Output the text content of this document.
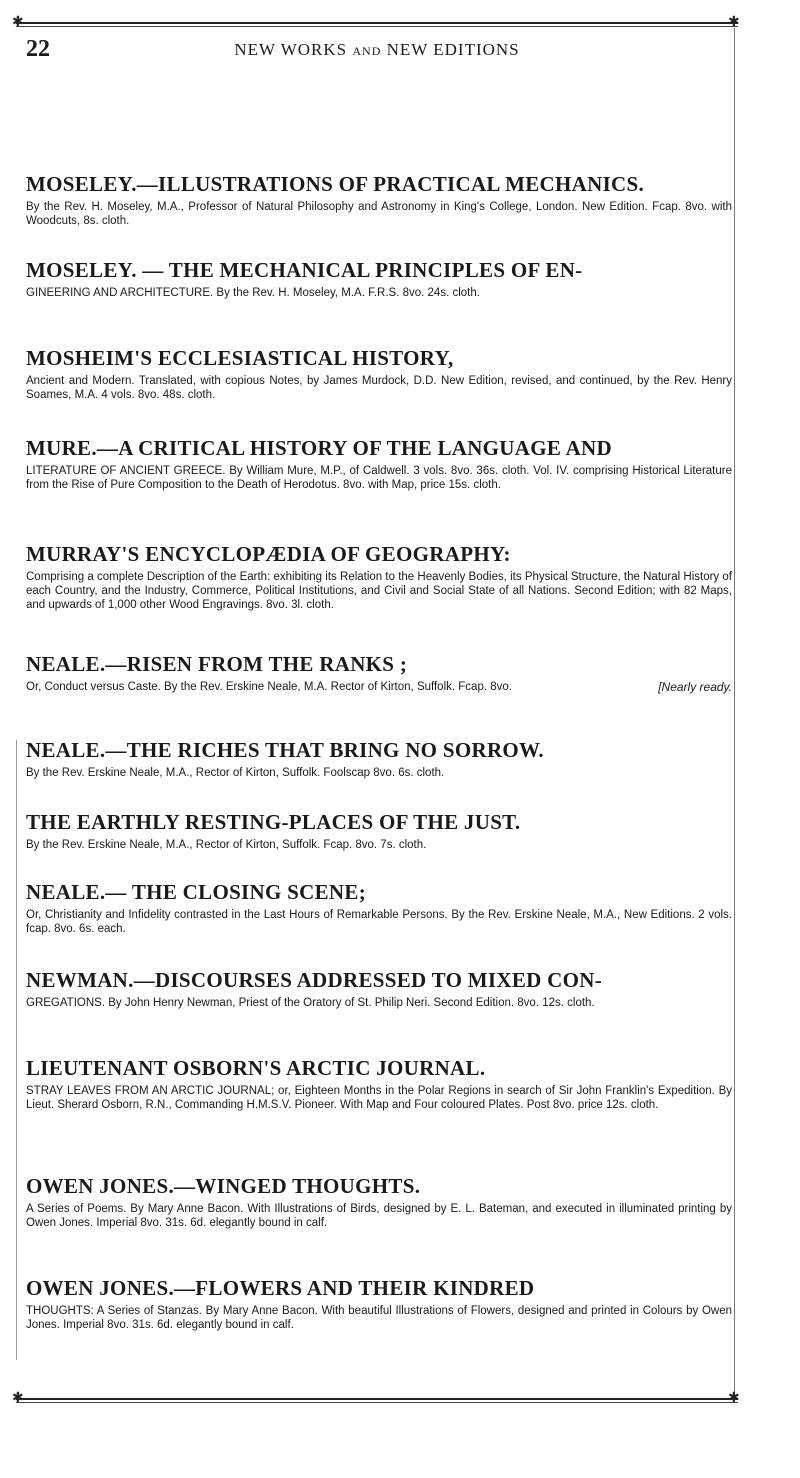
✱	✱
22	NEW WORKS AND NEW EDITIONS
MOSELEY.—ILLUSTRATIONS OF PRACTICAL MECHANICS.

By the Rev. H. Moseley, M.A., Professor of Natural Philosophy and Astronomy in King's College, London. New Edition. Fcap. 8vo. with Woodcuts, 8s. cloth.

MOSELEY. — THE MECHANICAL PRINCIPLES OF EN-

GINEERING AND ARCHITECTURE. By the Rev. H. Moseley, M.A. F.R.S. 8vo. 24s. cloth.

MOSHEIM'S ECCLESIASTICAL HISTORY,

Ancient and Modern. Translated, with copious Notes, by James Murdock, D.D. New Edition, revised, and continued, by the Rev. Henry Soames, M.A. 4 vols. 8vo. 48s. cloth.

MURE.—A CRITICAL HISTORY OF THE LANGUAGE AND

LITERATURE OF ANCIENT GREECE. By William Mure, M.P., of Caldwell. 3 vols. 8vo. 36s. cloth. Vol. IV. comprising Historical Literature from the Rise of Pure Composition to the Death of Herodotus. 8vo. with Map, price 15s. cloth.

MURRAY'S ENCYCLOPÆDIA OF GEOGRAPHY:

Comprising a complete Description of the Earth: exhibiting its Relation to the Heavenly Bodies, its Physical Structure, the Natural History of each Country, and the Industry, Commerce, Political Institutions, and Civil and Social State of all Nations. Second Edition; with 82 Maps, and upwards of 1,000 other Wood Engravings. 8vo. 3l. cloth.

NEALE.—RISEN FROM THE RANKS ;

Or, Conduct versus Caste. By the Rev. Erskine Neale, M.A. Rector of Kirton, Suffolk. Fcap. 8vo.	[Nearly ready.

NEALE.—THE RICHES THAT BRING NO SORROW.

By the Rev. Erskine Neale, M.A., Rector of Kirton, Suffolk. Foolscap 8vo. 6s. cloth.

THE EARTHLY RESTING-PLACES OF THE JUST.

By the Rev. Erskine Neale, M.A., Rector of Kirton, Suffolk. Fcap. 8vo. 7s. cloth.

NEALE.— THE CLOSING SCENE;

Or, Christianity and Infidelity contrasted in the Last Hours of Remarkable Persons. By the Rev. Erskine Neale, M.A., New Editions. 2 vols. fcap. 8vo. 6s. each.

NEWMAN.—DISCOURSES ADDRESSED TO MIXED CON-

GREGATIONS. By John Henry Newman, Priest of the Oratory of St. Philip Neri. Second Edition. 8vo. 12s. cloth.

LIEUTENANT OSBORN'S ARCTIC JOURNAL.

STRAY LEAVES FROM AN ARCTIC JOURNAL; or, Eighteen Months in the Polar Regions in search of Sir John Franklin's Expedition. By Lieut. Sherard Osborn, R.N., Commanding H.M.S.V. Pioneer. With Map and Four coloured Plates. Post 8vo. price 12s. cloth.

OWEN JONES.—WINGED THOUGHTS.

A Series of Poems. By Mary Anne Bacon. With Illustrations of Birds, designed by E. L. Bateman, and executed in illuminated printing by Owen Jones. Imperial 8vo. 31s. 6d. elegantly bound in calf.

OWEN JONES.—FLOWERS AND THEIR KINDRED

THOUGHTS: A Series of Stanzas. By Mary Anne Bacon. With beautiful Illustrations of Flowers, designed and printed in Colours by Owen Jones. Imperial 8vo. 31s. 6d. elegantly bound in calf.

✱	✱
